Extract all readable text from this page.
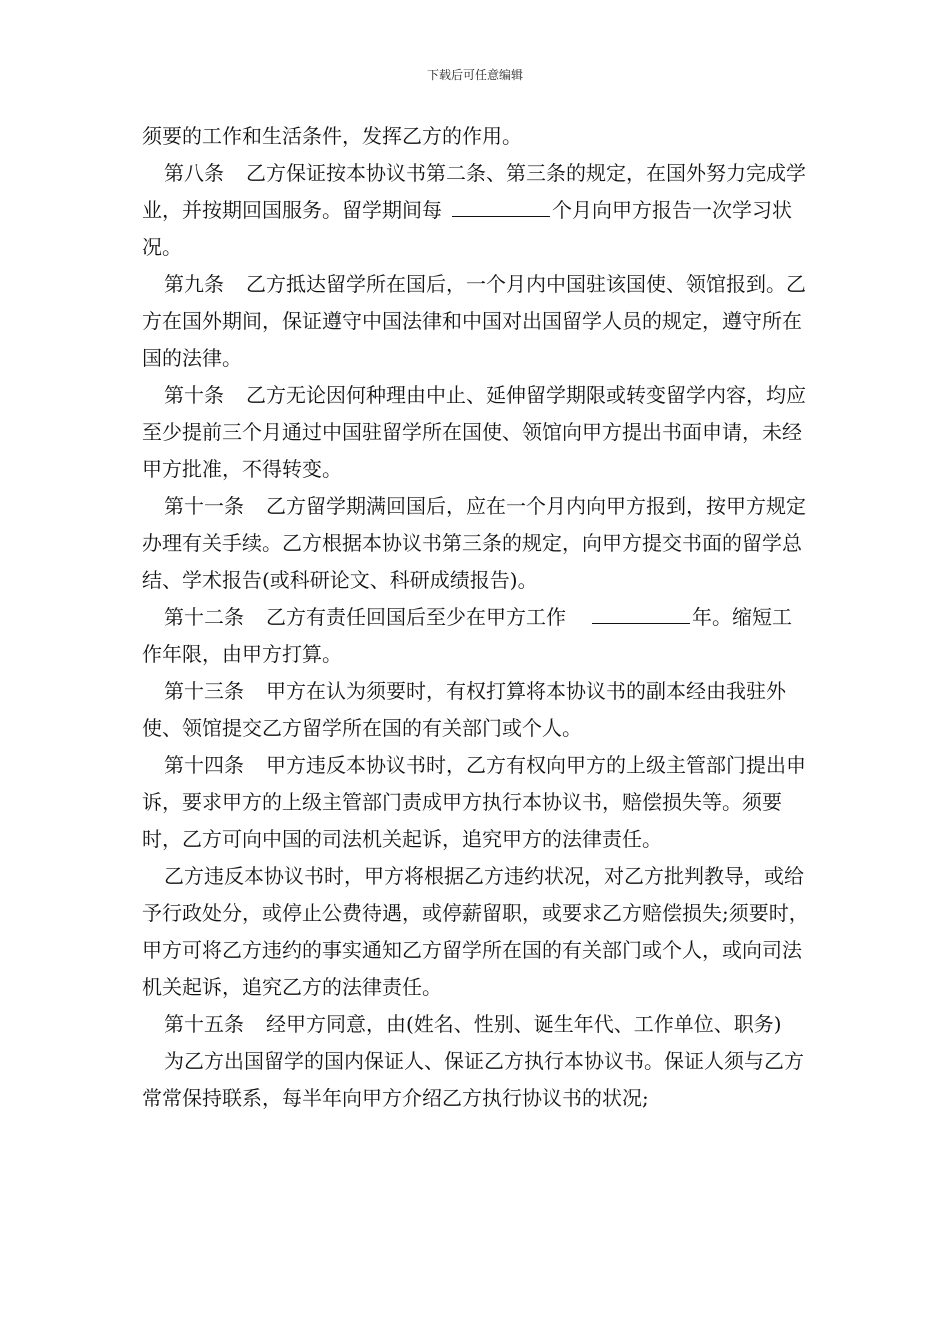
下载后可任意编辑

须要的工作和生活条件，发挥乙方的作用。

第八条 乙方保证按本协议书第二条、第三条的规定，在国外努力完成学业，并按期回国服务。留学期间每	个月向甲方报告一次学习状况。

第九条 乙方抵达留学所在国后，一个月内中国驻该国使、领馆报到。乙方在国外期间，保证遵守中国法律和中国对出国留学人员的规定，遵守所在国的法律。

第十条 乙方无论因何种理由中止、延伸留学期限或转变留学内容，均应至少提前三个月通过中国驻留学所在国使、领馆向甲方提出书面申请，未经甲方批准，不得转变。

第十一条 乙方留学期满回国后，应在一个月内向甲方报到，按甲方规定办理有关手续。乙方根据本协议书第三条的规定，向甲方提交书面的留学总结、学术报告(或科研论文、科研成绩报告)。

第十二条 乙方有责任回国后至少在甲方工作	年。缩短工作年限，由甲方打算。

第十三条 甲方在认为须要时，有权打算将本协议书的副本经由我驻外使、领馆提交乙方留学所在国的有关部门或个人。

第十四条 甲方违反本协议书时，乙方有权向甲方的上级主管部门提出申诉，要求甲方的上级主管部门责成甲方执行本协议书，赔偿损失等。须要时，乙方可向中国的司法机关起诉，追究甲方的法律责任。

乙方违反本协议书时，甲方将根据乙方违约状况，对乙方批判教导，或给予行政处分，或停止公费待遇，或停薪留职，或要求乙方赔偿损失;须要时，甲方可将乙方违约的事实通知乙方留学所在国的有关部门或个人，或向司法机关起诉，追究乙方的法律责任。

第十五条 经甲方同意，由(姓名、性别、诞生年代、工作单位、职务)

为乙方出国留学的国内保证人、保证乙方执行本协议书。保证人须与乙方常常保持联系，每半年向甲方介绍乙方执行协议书的状况;
